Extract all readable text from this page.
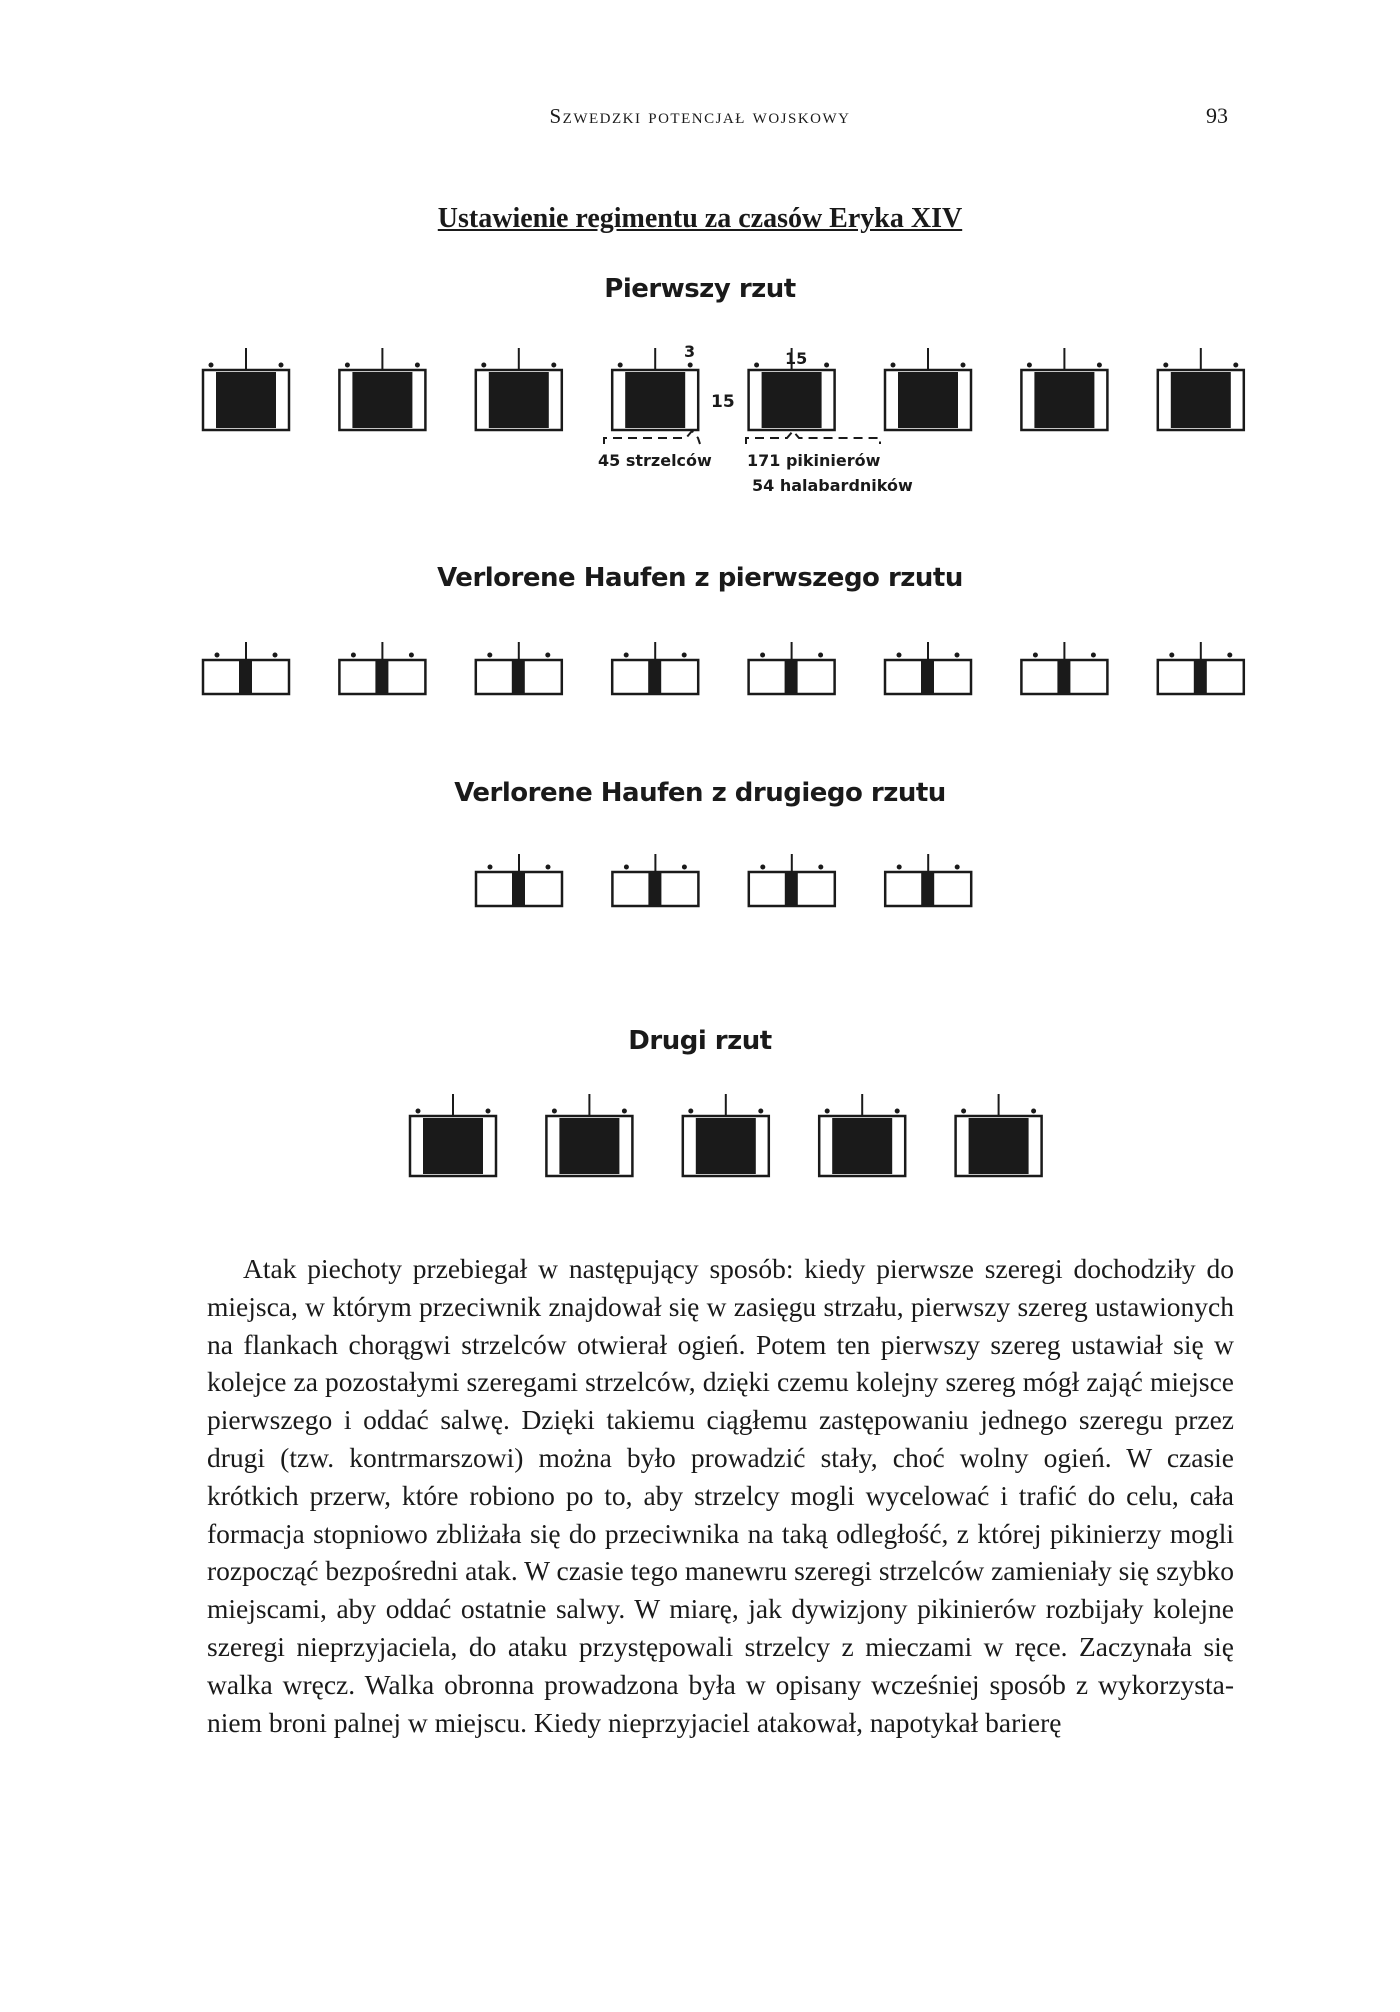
Szwedzki potencjał wojskowy	93
Ustawienie regimentu za czasów Eryka XIV
Pierwszy rzut
Verlorene Haufen z pierwszego rzutu
Verlorene Haufen z drugiego rzutu
Drugi rzut
3	15
15
45 strzelców 171 pikinierów
54 halabardników

Atak piechoty przebiegał w następujący sposób: kiedy pierwsze szeregi dochodziły do miejsca, w którym przeciwnik znajdował się w zasięgu strzału, pierwszy szereg ustawionych na flankach chorągwi strzelców otwierał ogień. Potem ten pierwszy szereg ustawiał się w kolejce za pozostałymi szeregami strzelców, dzięki czemu kolejny szereg mógł zająć miejsce pierwszego i oddać salwę. Dzięki takiemu ciągłemu zastępowaniu jednego szeregu przez drugi (tzw. kontrmarszowi) można było prowadzić stały, choć wolny ogień. W czasie krótkich przerw, które robiono po to, aby strzelcy mogli wycelować i trafić do celu, cała formacja stopniowo zbliżała się do przeciwnika na taką odległość, z której pikinierzy mogli rozpocząć bezpośredni atak. W czasie tego manewru szeregi strzelców zamieniały się szybko miejscami, aby oddać ostatnie salwy. W miarę, jak dywizjony pikinierów rozbijały kolejne szeregi nieprzyjaciela, do ataku przystępowali strzelcy z mieczami w ręce. Zaczynała się walka wręcz. Walka obronna prowadzona była w opisany wcześniej sposób z wykorzystaniem broni palnej w miejscu. Kiedy nieprzyjaciel atakował, napotykał barierę
